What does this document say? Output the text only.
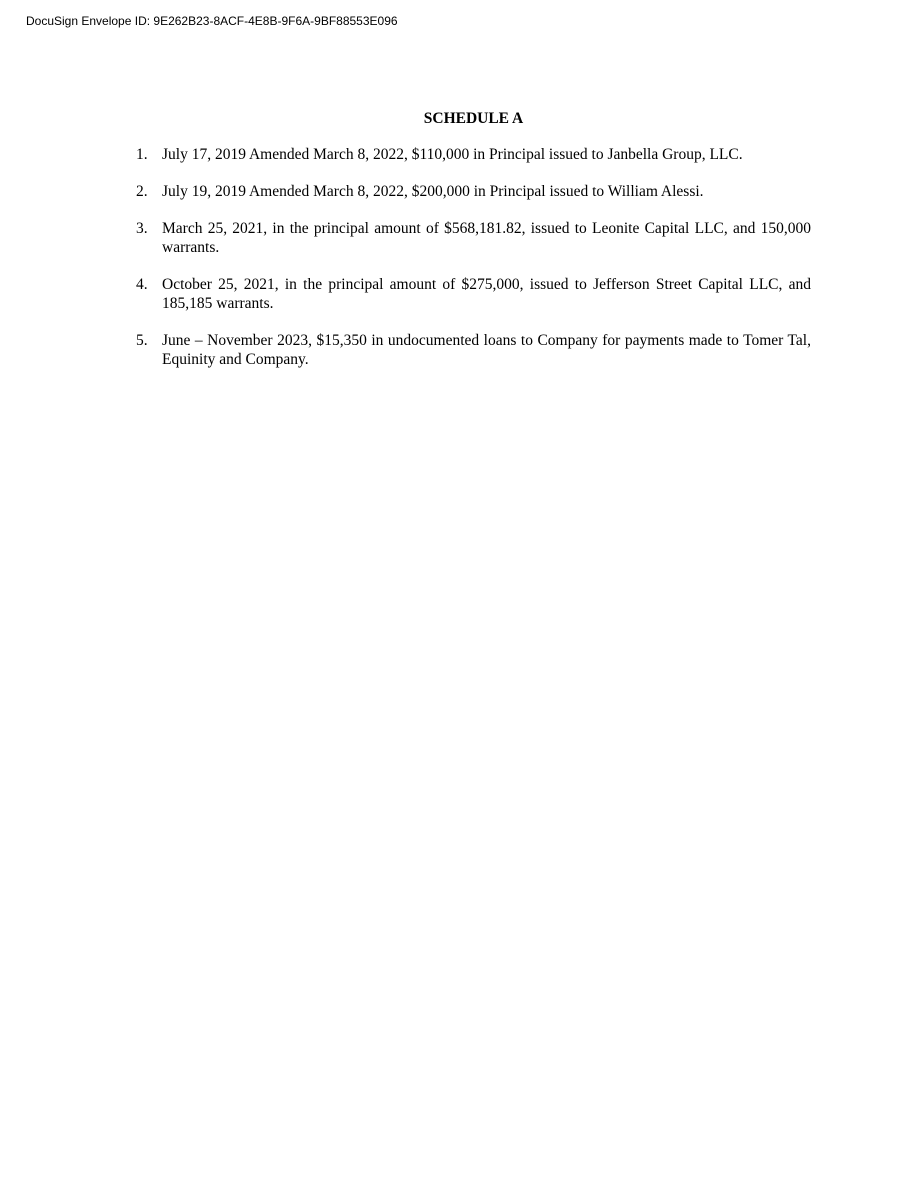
DocuSign Envelope ID: 9E262B23-8ACF-4E8B-9F6A-9BF88553E096
SCHEDULE A
1. July 17, 2019 Amended March 8, 2022, $110,000 in Principal issued to Janbella Group, LLC.
2. July 19, 2019 Amended March 8, 2022, $200,000 in Principal issued to William Alessi.
3. March 25, 2021, in the principal amount of $568,181.82, issued to Leonite Capital LLC, and 150,000 warrants.
4. October 25, 2021, in the principal amount of $275,000, issued to Jefferson Street Capital LLC, and 185,185 warrants.
5. June – November 2023, $15,350 in undocumented loans to Company for payments made to Tomer Tal, Equinity and Company.
